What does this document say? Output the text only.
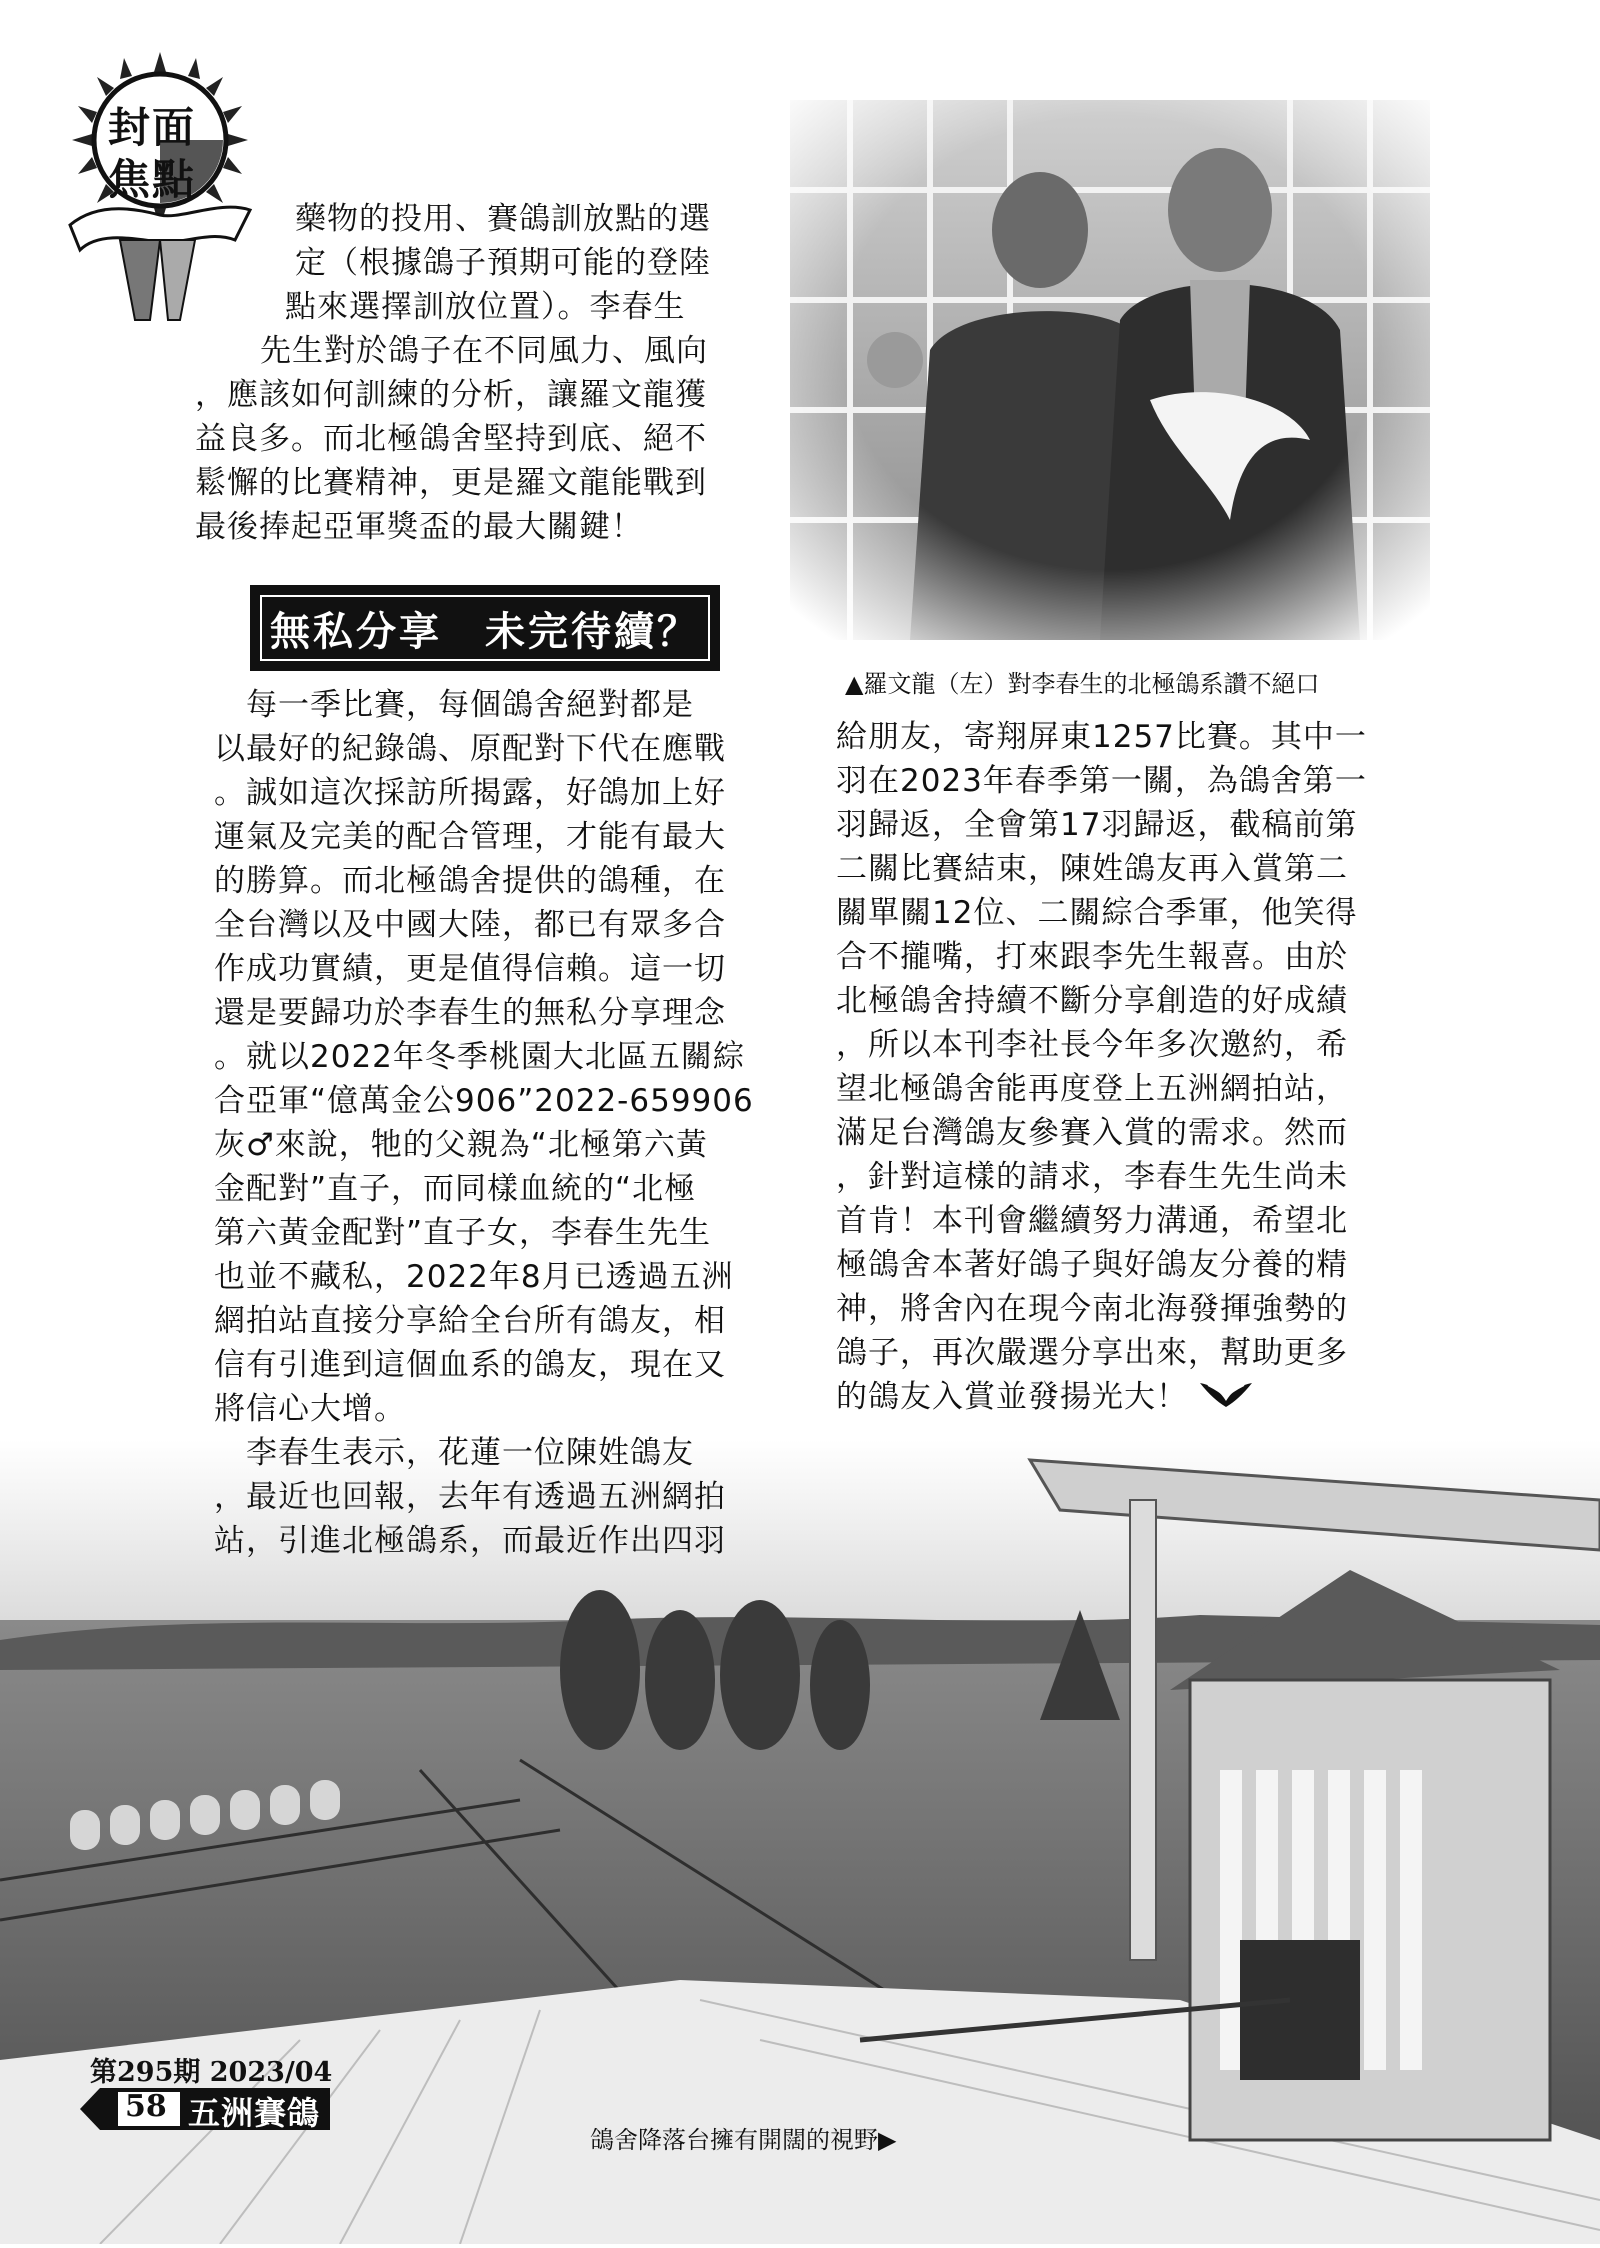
封面
焦點

藥物的投用、賽鴿訓放點的選

定（根據鴿子預期可能的登陸

點來選擇訓放位置）。李春生

先生對於鴿子在不同風力、風向

，應該如何訓練的分析，讓羅文龍獲

益良多。而北極鴿舍堅持到底、絕不

鬆懈的比賽精神，更是羅文龍能戰到

最後捧起亞軍獎盃的最大關鍵！

無私分享　未完待續？
▲羅文龍（左）對李春生的北極鴿系讚不絕口

　每一季比賽，每個鴿舍絕對都是

以最好的紀錄鴿、原配對下代在應戰

。誠如這次採訪所揭露，好鴿加上好

運氣及完美的配合管理，才能有最大

的勝算。而北極鴿舍提供的鴿種，在

全台灣以及中國大陸，都已有眾多合

作成功實績，更是值得信賴。這一切

還是要歸功於李春生的無私分享理念

。就以2022年冬季桃園大北區五關綜

合亞軍“億萬金公906”2022-659906

灰♂來說，牠的父親為“北極第六黃

金配對”直子，而同樣血統的“北極

第六黃金配對”直子女，李春生先生

也並不藏私，2022年8月已透過五洲

網拍站直接分享給全台所有鴿友，相

信有引進到這個血系的鴿友，現在又

將信心大增。

　李春生表示，花蓮一位陳姓鴿友

，最近也回報，去年有透過五洲網拍

站，引進北極鴿系，而最近作出四羽

給朋友，寄翔屏東1257比賽。其中一

羽在2023年春季第一關，為鴿舍第一

羽歸返，全會第17羽歸返，截稿前第

二關比賽結束，陳姓鴿友再入賞第二

關單關12位、二關綜合季軍，他笑得

合不攏嘴，打來跟李先生報喜。由於

北極鴿舍持續不斷分享創造的好成績

，所以本刊李社長今年多次邀約，希

望北極鴿舍能再度登上五洲網拍站，

滿足台灣鴿友參賽入賞的需求。然而

，針對這樣的請求，李春生先生尚未

首肯！本刊會繼續努力溝通，希望北

極鴿舍本著好鴿子與好鴿友分養的精

神，將舍內在現今南北海發揮強勢的

鴿子，再次嚴選分享出來，幫助更多

的鴿友入賞並發揚光大！

鴿舍降落台擁有開闊的視野▶
第295期 2023/04
58 五洲賽鴿
